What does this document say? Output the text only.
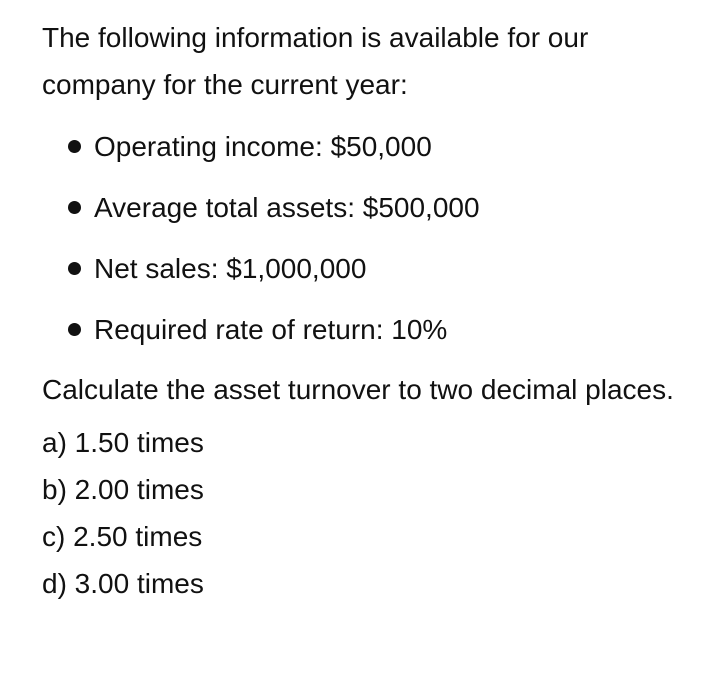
The following information is available for our company for the current year:

Operating income: $50,000
Average total assets: $500,000
Net sales: $1,000,000
Required rate of return: 10%

Calculate the asset turnover to two decimal places.

a) 1.50 times
b) 2.00 times
c) 2.50 times
d) 3.00 times
